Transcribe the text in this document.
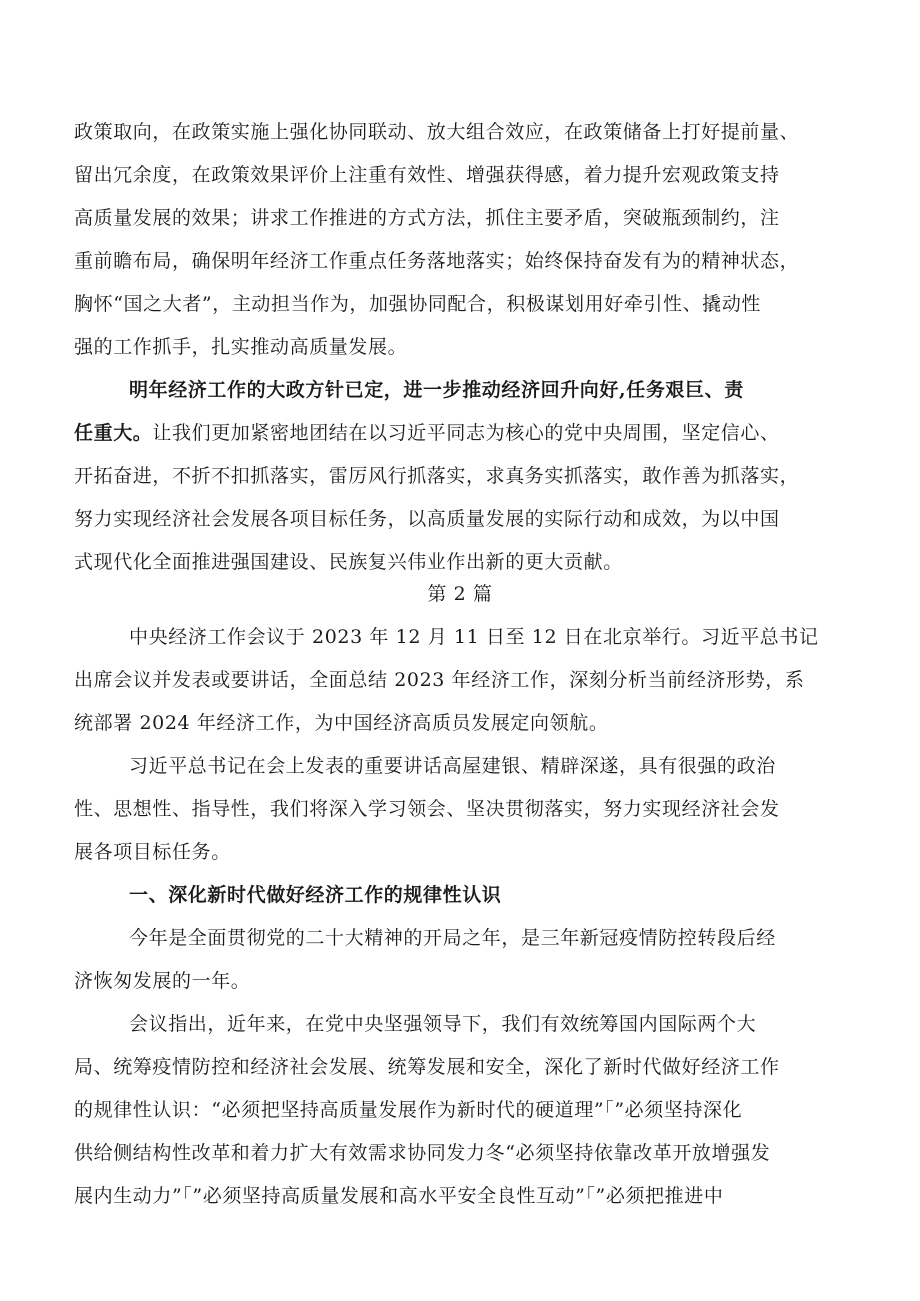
政策取向，在政策实施上强化协同联动、放大组合效应，在政策储备上打好提前量、
留出冗余度，在政策效果评价上注重有效性、增强获得感，着力提升宏观政策支持
高质量发展的效果；讲求工作推进的方式方法，抓住主要矛盾，突破瓶颈制约，注
重前瞻布局，确保明年经济工作重点任务落地落实；始终保持奋发有为的精神状态，
胸怀“国之大者”，主动担当作为，加强协同配合，积极谋划用好牵引性、撬动性
强的工作抓手，扎实推动高质量发展。
明年经济工作的大政方针已定，进一步推动经济回升向好,任务艰巨、责
任重大。让我们更加紧密地团结在以习近平同志为核心的党中央周围，坚定信心、
开拓奋进，不折不扣抓落实，雷厉风行抓落实，求真务实抓落实，敢作善为抓落实，
努力实现经济社会发展各项目标任务，以高质量发展的实际行动和成效，为以中国
式现代化全面推进强国建设、民族复兴伟业作出新的更大贡献。
第 2 篇
中央经济工作会议于 2023 年 12 月 11 日至 12 日在北京举行。习近平总书记
出席会议并发表或要讲话，全面总结 2023 年经济工作，深刻分析当前经济形势，系
统部署 2024 年经济工作，为中国经济高质员发展定向领航。
习近平总书记在会上发表的重要讲话高屋建银、精辟深遂，具有很强的政治
性、思想性、指导性，我们将深入学习领会、坚决贯彻落实，努力实现经济社会发
展各项目标任务。
一、深化新时代做好经济工作的规律性认识
今年是全面贯彻党的二十大精神的开局之年，是三年新冠疫情防控转段后经
济恢匆发展的一年。
会议指出，近年来，在党中央坚强领导下，我们有效统筹国内国际两个大
局、统筹疫情防控和经济社会发展、统筹发展和安全，深化了新时代做好经济工作
的规律性认识：“必须把坚持高质量发展作为新时代的硬道理”「”必须坚持深化
供给侧结构性改革和着力扩大有效需求协同发力冬“必须坚持依靠改革开放增强发
展内生动力”「”必须坚持高质量发展和高水平安全良性互动”「”必须把推进中
